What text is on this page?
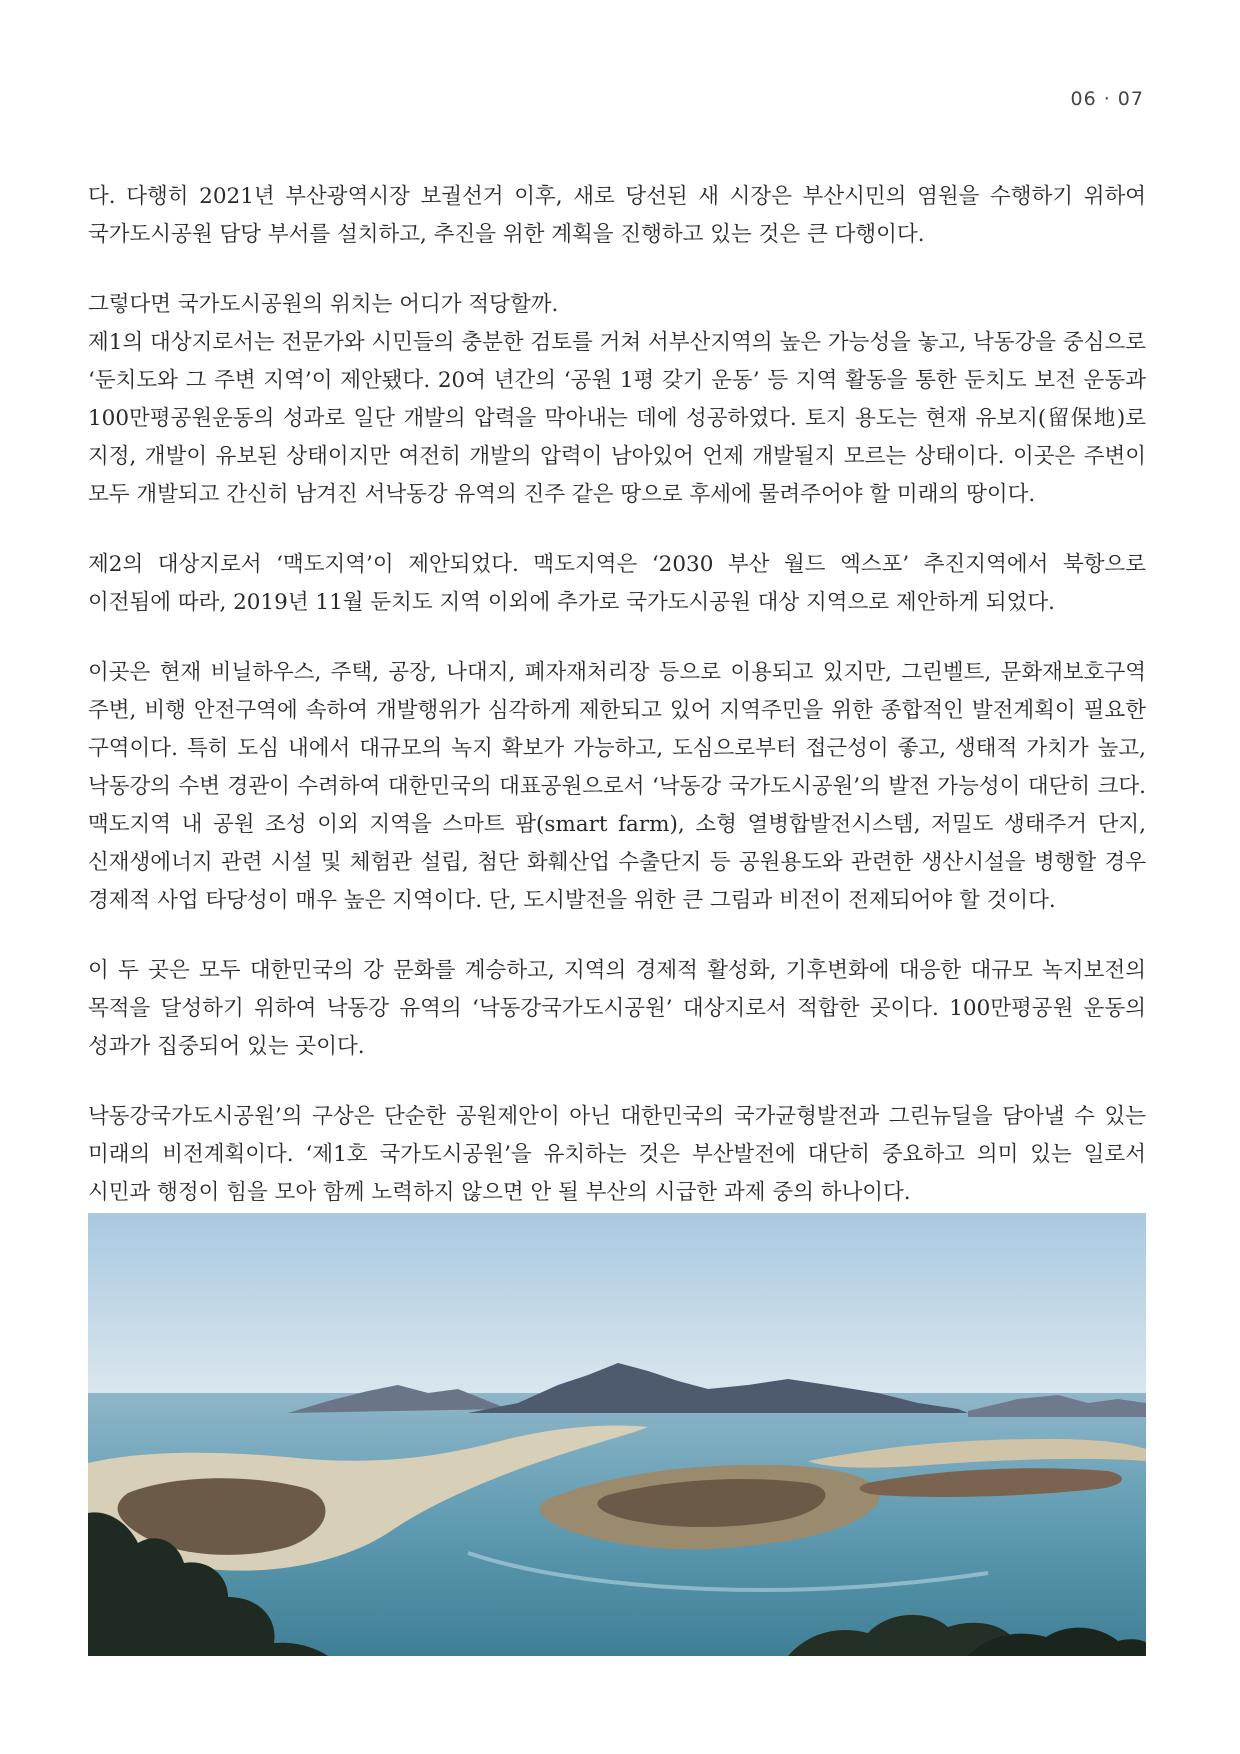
06 · 07

다. 다행히 2021년 부산광역시장 보궐선거 이후, 새로 당선된 새 시장은 부산시민의 염원을 수행하기 위하여 국가도시공원 담당 부서를 설치하고, 추진을 위한 계획을 진행하고 있는 것은 큰 다행이다.

그렇다면 국가도시공원의 위치는 어디가 적당할까.

제1의 대상지로서는 전문가와 시민들의 충분한 검토를 거쳐 서부산지역의 높은 가능성을 놓고, 낙동강을 중심으로 ‘둔치도와 그 주변 지역’이 제안됐다. 20여 년간의 ‘공원 1평 갖기 운동’ 등 지역 활동을 통한 둔치도 보전 운동과 100만평공원운동의 성과로 일단 개발의 압력을 막아내는 데에 성공하였다. 토지 용도는 현재 유보지(留保地)로 지정, 개발이 유보된 상태이지만 여전히 개발의 압력이 남아있어 언제 개발될지 모르는 상태이다. 이곳은 주변이 모두 개발되고 간신히 남겨진 서낙동강 유역의 진주 같은 땅으로 후세에 물려주어야 할 미래의 땅이다.

제2의 대상지로서 ‘맥도지역’이 제안되었다. 맥도지역은 ‘2030 부산 월드 엑스포’ 추진지역에서 북항으로 이전됨에 따라, 2019년 11월 둔치도 지역 이외에 추가로 국가도시공원 대상 지역으로 제안하게 되었다.

이곳은 현재 비닐하우스, 주택, 공장, 나대지, 폐자재처리장 등으로 이용되고 있지만, 그린벨트, 문화재보호구역 주변, 비행 안전구역에 속하여 개발행위가 심각하게 제한되고 있어 지역주민을 위한 종합적인 발전계획이 필요한 구역이다. 특히 도심 내에서 대규모의 녹지 확보가 가능하고, 도심으로부터 접근성이 좋고, 생태적 가치가 높고, 낙동강의 수변 경관이 수려하여 대한민국의 대표공원으로서 ‘낙동강 국가도시공원’의 발전 가능성이 대단히 크다. 맥도지역 내 공원 조성 이외 지역을 스마트 팜(smart farm), 소형 열병합발전시스템, 저밀도 생태주거 단지, 신재생에너지 관련 시설 및 체험관 설립, 첨단 화훼산업 수출단지 등 공원용도와 관련한 생산시설을 병행할 경우 경제적 사업 타당성이 매우 높은 지역이다. 단, 도시발전을 위한 큰 그림과 비전이 전제되어야 할 것이다.

이 두 곳은 모두 대한민국의 강 문화를 계승하고, 지역의 경제적 활성화, 기후변화에 대응한 대규모 녹지보전의 목적을 달성하기 위하여 낙동강 유역의 ‘낙동강국가도시공원’ 대상지로서 적합한 곳이다. 100만평공원 운동의 성과가 집중되어 있는 곳이다.

낙동강국가도시공원’의 구상은 단순한 공원제안이 아닌 대한민국의 국가균형발전과 그린뉴딜을 담아낼 수 있는 미래의 비전계획이다. ‘제1호 국가도시공원’을 유치하는 것은 부산발전에 대단히 중요하고 의미 있는 일로서 시민과 행정이 힘을 모아 함께 노력하지 않으면 안 될 부산의 시급한 과제 중의 하나이다.
